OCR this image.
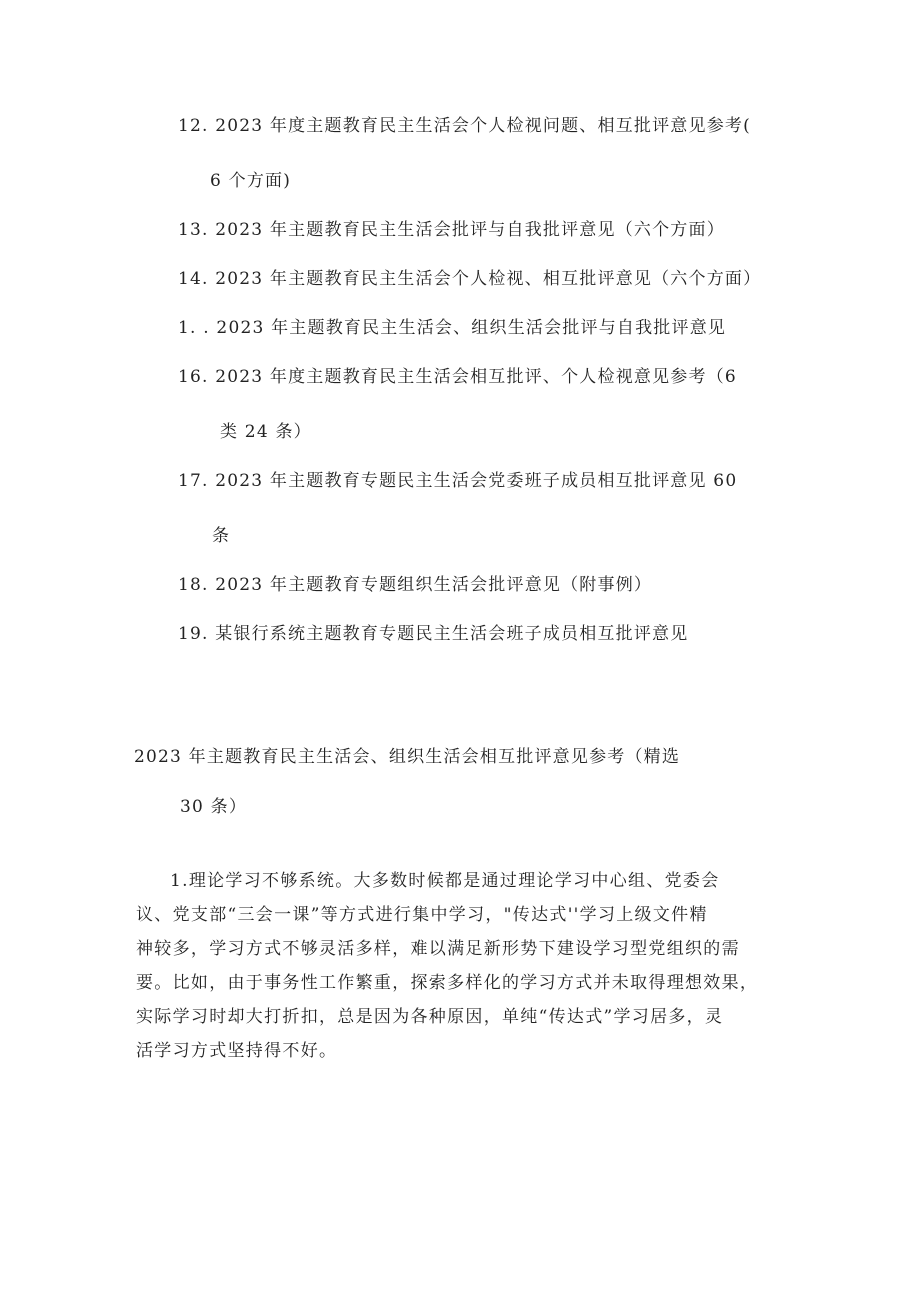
12. 2023 年度主题教育民主生活会个人检视问题、相互批评意见参考(
6 个方面)
13. 2023 年主题教育民主生活会批评与自我批评意见（六个方面）
14. 2023 年主题教育民主生活会个人检视、相互批评意见（六个方面）
1. . 2023 年主题教育民主生活会、组织生活会批评与自我批评意见
16. 2023 年度主题教育民主生活会相互批评、个人检视意见参考（6
类 24 条）
17. 2023 年主题教育专题民主生活会党委班子成员相互批评意见 60
条
18. 2023 年主题教育专题组织生活会批评意见（附事例）
19. 某银行系统主题教育专题民主生活会班子成员相互批评意见
2023 年主题教育民主生活会、组织生活会相互批评意见参考（精选
30 条）
1.理论学习不够系统。大多数时候都是通过理论学习中心组、党委会
议、党支部“三会一课”等方式进行集中学习，"传达式''学习上级文件精
神较多，学习方式不够灵活多样，难以满足新形势下建设学习型党组织的需
要。比如，由于事务性工作繁重，探索多样化的学习方式并未取得理想效果，
实际学习时却大打折扣，总是因为各种原因，单纯“传达式”学习居多，灵
活学习方式坚持得不好。
